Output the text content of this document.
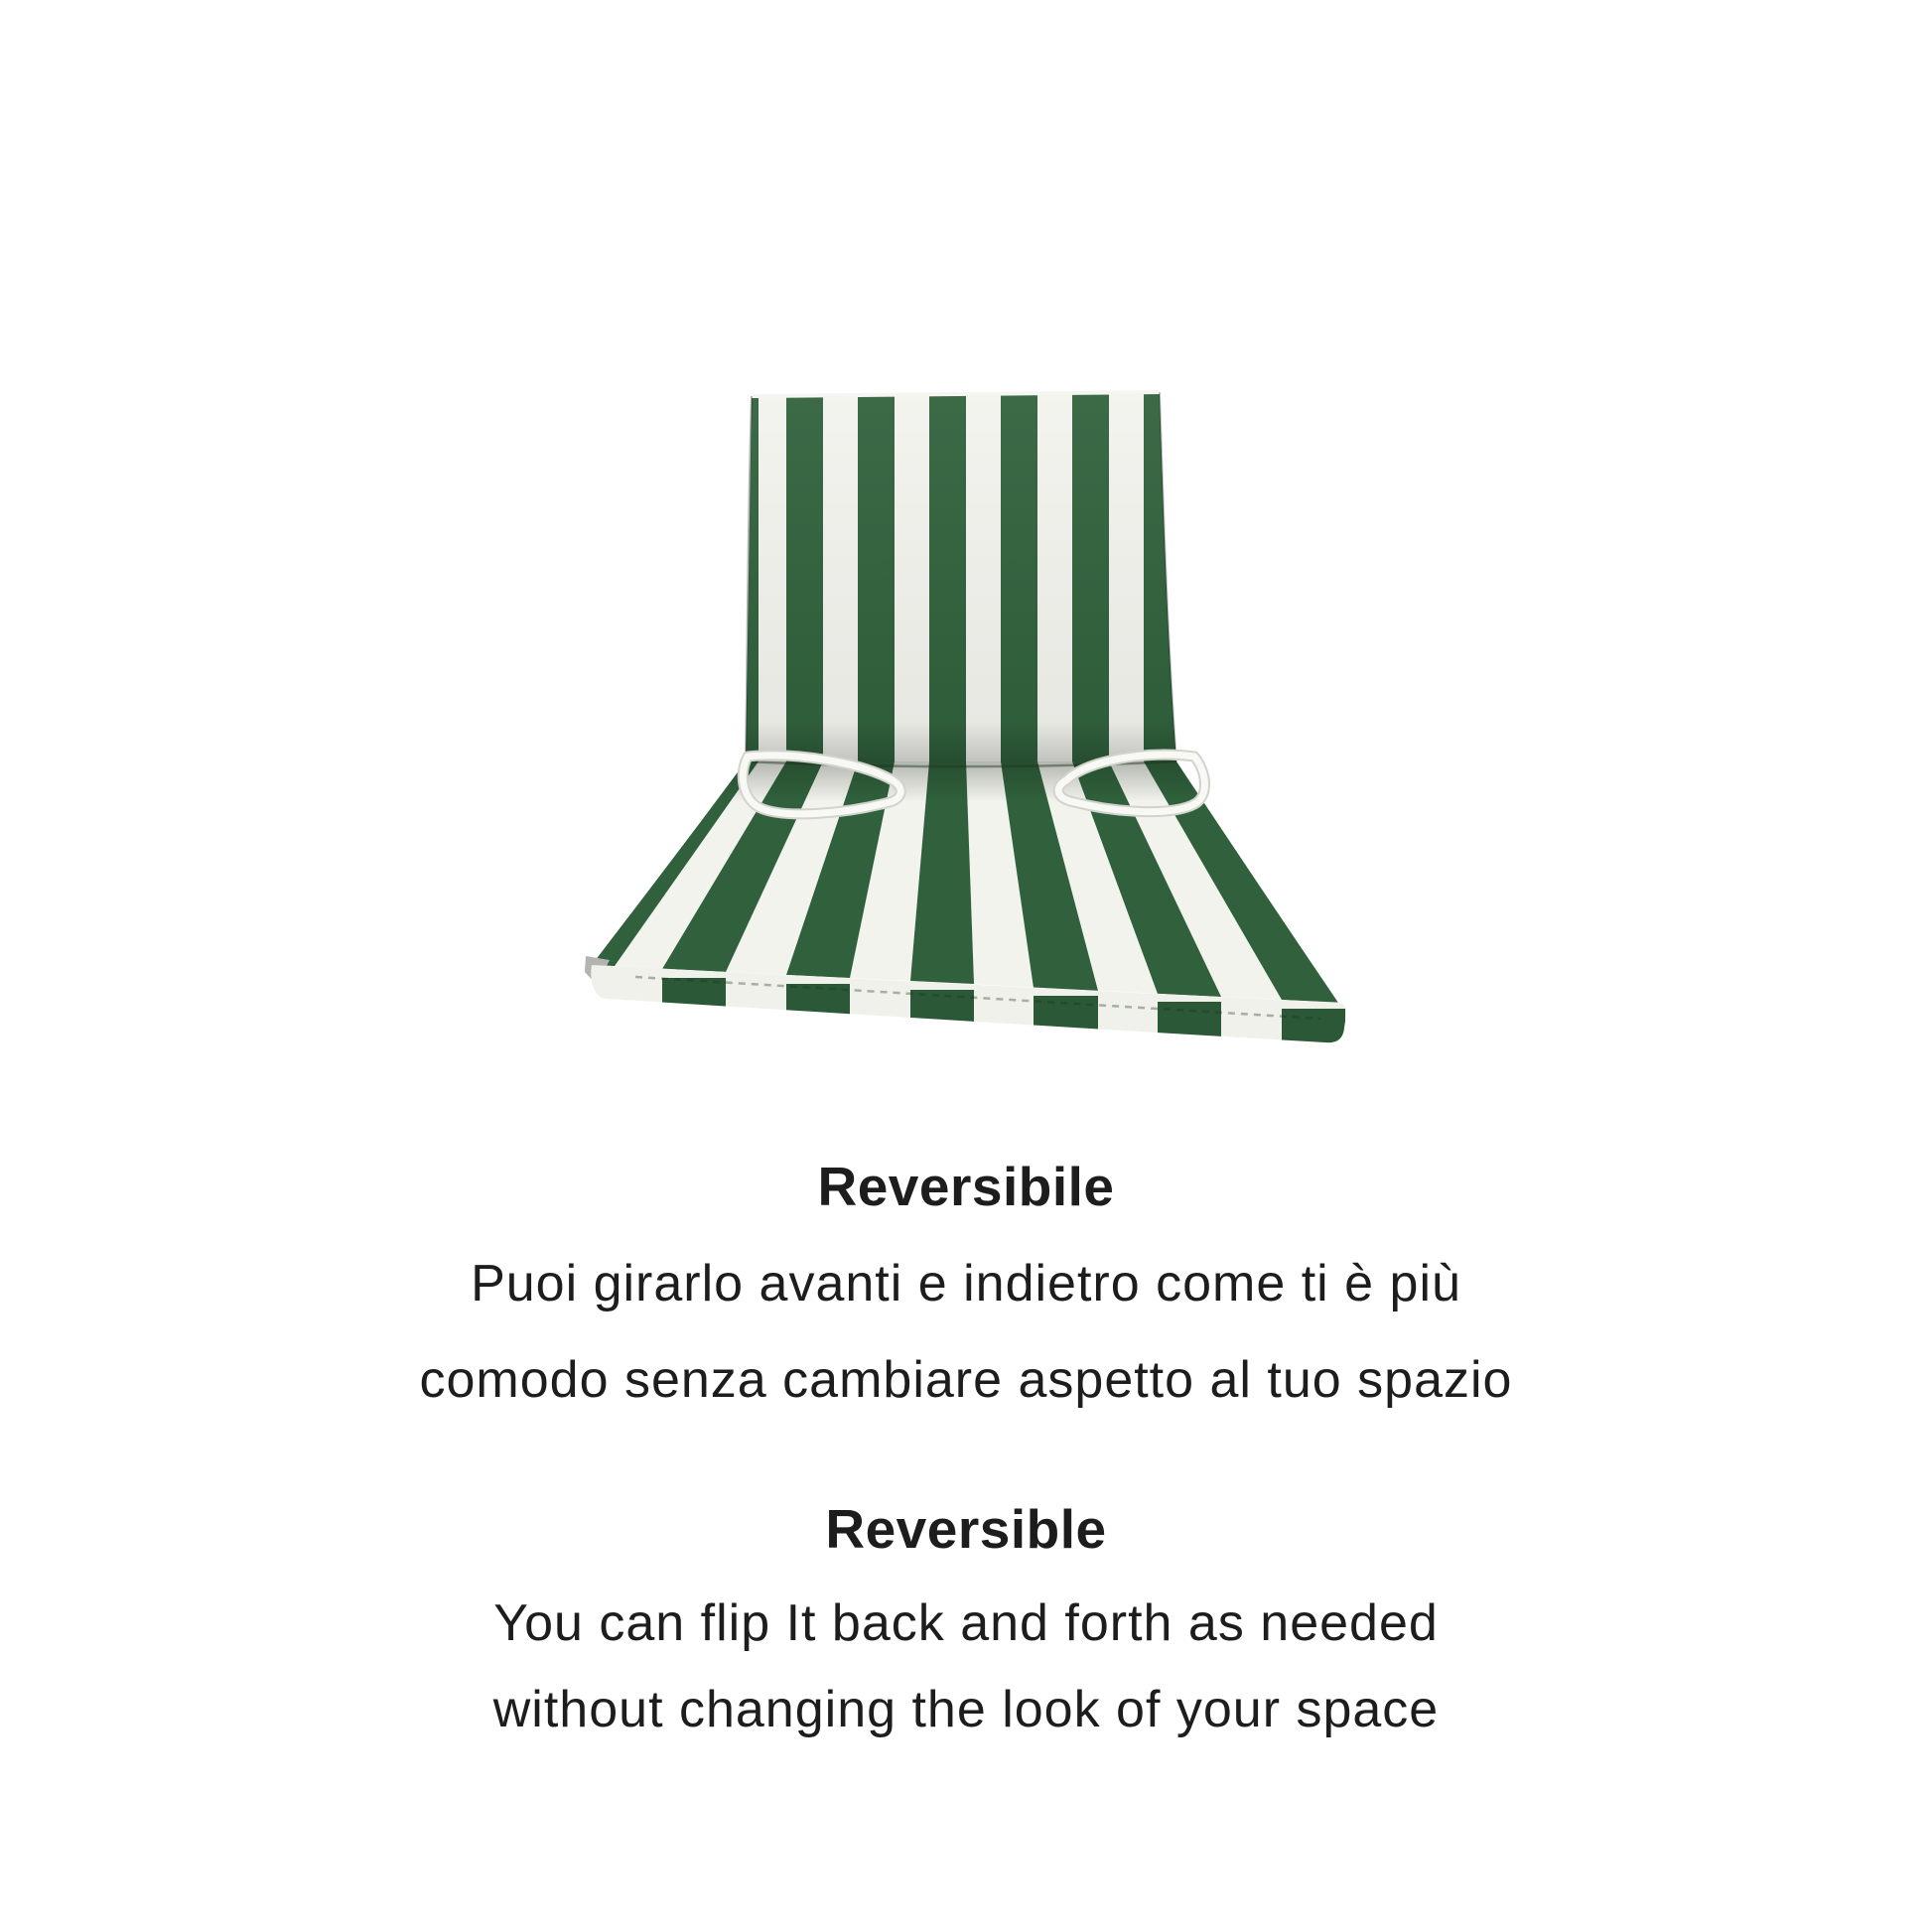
Reversibile
Puoi girarlo avanti e indietro come ti è più
comodo senza cambiare aspetto al tuo spazio
Reversible
You can flip It back and forth as needed
without changing the look of your space
